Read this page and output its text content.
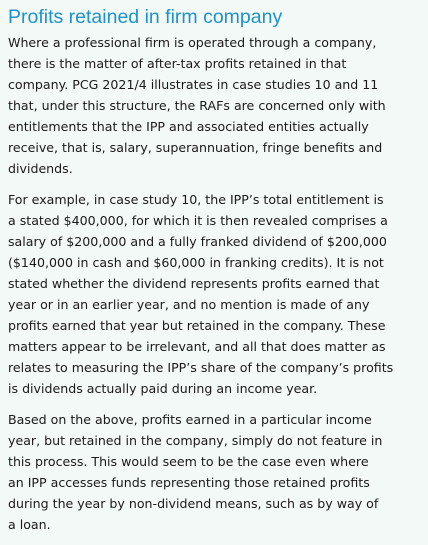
Profits retained in firm company

Where a professional firm is operated through a company,
there is the matter of after-tax profits retained in that
company. PCG 2021/4 illustrates in case studies 10 and 11
that, under this structure, the RAFs are concerned only with
entitlements that the IPP and associated entities actually
receive, that is, salary, superannuation, fringe benefits and
dividends.

For example, in case study 10, the IPP’s total entitlement is
a stated $400,000, for which it is then revealed comprises a
salary of $200,000 and a fully franked dividend of $200,000
($140,000 in cash and $60,000 in franking credits). It is not
stated whether the dividend represents profits earned that
year or in an earlier year, and no mention is made of any
profits earned that year but retained in the company. These
matters appear to be irrelevant, and all that does matter as
relates to measuring the IPP’s share of the company’s profits
is dividends actually paid during an income year.

Based on the above, profits earned in a particular income
year, but retained in the company, simply do not feature in
this process. This would seem to be the case even where
an IPP accesses funds representing those retained profits
during the year by non-dividend means, such as by way of
a loan.
